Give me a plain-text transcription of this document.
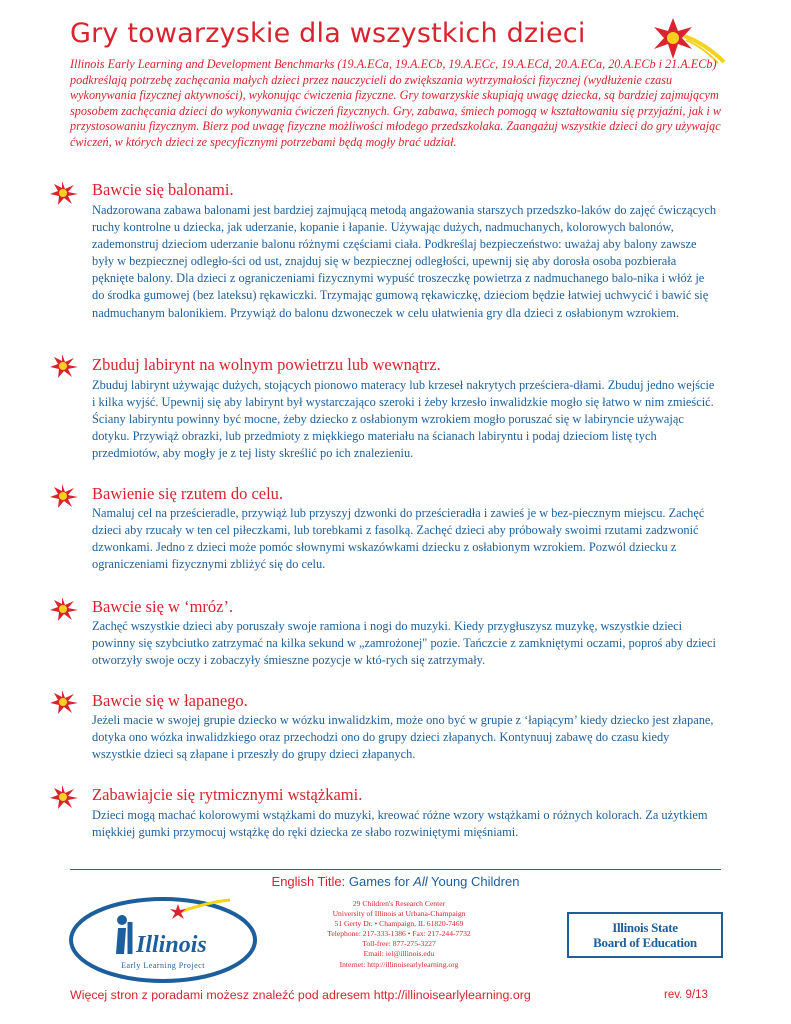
Gry towarzyskie dla wszystkich dzieci
Illinois Early Learning and Development Benchmarks (19.A.ECa, 19.A.ECb, 19.A.ECc, 19.A.ECd, 20.A.ECa, 20.A.ECb i 21.A.ECb) podkreślają potrzebę zachęcania małych dzieci przez nauczycieli do zwiększania wytrzymałości fizycznej (wydłużenie czasu wykonywania fizycznej aktywności), wykonując ćwiczenia fizyczne. Gry towarzyskie skupiają uwagę dziecka, są bardziej zajmującym sposobem zachęcania dzieci do wykonywania ćwiczeń fizycznych. Gry, zabawa, śmiech pomogą w kształtowaniu się przyjaźni, jak i w przystosowaniu fizycznym. Bierz pod uwagę fizyczne możliwości młodego przedszkolaka. Zaangażuj wszystkie dzieci do gry używając ćwiczeń, w których dzieci ze specyficznymi potrzebami będą mogły brać udział.
Bawcie się balonami.
Nadzorowana zabawa balonami jest bardziej zajmującą metodą angażowania starszych przedszko-laków do zajęć ćwiczących ruchy kontrolne u dziecka, jak uderzanie, kopanie i łapanie. Używając dużych, nadmuchanych, kolorowych balonów, zademonstruj dzieciom uderzanie balonu różnymi częściami ciała. Podkreślaj bezpieczeństwo: uważaj aby balony zawsze były w bezpiecznej odległo-ści od ust, znajduj się w bezpiecznej odległości, upewnij się aby dorosła osoba pozbierała pęknięte balony. Dla dzieci z ograniczeniami fizycznymi wypuść troszeczkę powietrza z nadmuchanego balo-nika i włóż je do środka gumowej (bez lateksu) rękawiczki. Trzymając gumową rękawiczkę, dzieciom będzie łatwiej uchwycić i bawić się nadmuchanym balonikiem. Przywiąż do balonu dzwoneczek w celu ułatwienia gry dla dzieci z osłabionym wzrokiem.
Zbuduj labirynt na wolnym powietrzu lub wewnątrz.
Zbuduj labirynt używając dużych, stojących pionowo materacy lub krzeseł nakrytych prześciera-dłami. Zbuduj jedno wejście i kilka wyjść. Upewnij się aby labirynt był wystarczająco szeroki i żeby krzesło inwalidzkie mogło się łatwo w nim zmieścić. Ściany labiryntu powinny być mocne, żeby dziecko z osłabionym wzrokiem mogło poruszać się w labiryncie używając dotyku. Przywiąż obrazki, lub przedmioty z miękkiego materiału na ścianach labiryntu i podaj dzieciom listę tych przedmiotów, aby mogły je z tej listy skreślić po ich znalezieniu.
Bawienie się rzutem do celu.
Namaluj cel na prześcieradle, przywiąż lub przyszyj dzwonki do prześcieradła i zawieś je w bez-piecznym miejscu. Zachęć dzieci aby rzucały w ten cel piłeczkami, lub torebkami z fasolką. Zachęć dzieci aby próbowały swoimi rzutami zadzwonić dzwonkami. Jedno z dzieci może pomóc słownymi wskazówkami dziecku z osłabionym wzrokiem. Pozwól dziecku z ograniczeniami fizycznymi zbliżyć się do celu.
Bawcie się w ‘mróz’.
Zachęć wszystkie dzieci aby poruszały swoje ramiona i nogi do muzyki. Kiedy przygłuszysz muzykę, wszystkie dzieci powinny się szybciutko zatrzymać na kilka sekund w „zamrożonej" pozie. Tańczcie z zamkniętymi oczami, poproś aby dzieci otworzyły swoje oczy i zobaczyły śmieszne pozycje w któ-rych się zatrzymały.
Bawcie się w łapanego.
Jeżeli macie w swojej grupie dziecko w wózku inwalidzkim, może ono być w grupie z ‘łapiącym’ kiedy dziecko jest złapane, dotyka ono wózka inwalidzkiego oraz przechodzi ono do grupy dzieci złapanych. Kontynuuj zabawę do czasu kiedy wszystkie dzieci są złapane i przeszły do grupy dzieci złapanych.
Zabawiajcie się rytmicznymi wstążkami.
Dzieci mogą machać kolorowymi wstążkami do muzyki, kreować różne wzory wstążkami o różnych kolorach. Za użytkiem miękkiej gumki przymocuj wstążkę do ręki dziecka ze słabo rozwiniętymi mięśniami.
English Title: Games for All Young Children
Illinois
Early Learning Project
29 Children's Research Center
University of Illinois at Urbana-Champaign
51 Gerty Dr. • Champaign, IL 61820-7469
Telephone: 217-333-1386 • Fax: 217-244-7732
Toll-free: 877-275-3227
Email: iel@illinois.edu
Internet: http://illinoisearlylearning.org
Illinois State
Board of Education
Więcej stron z poradami możesz znaleźć pod adresem http://illinoisearlylearning.org	rev. 9/13
